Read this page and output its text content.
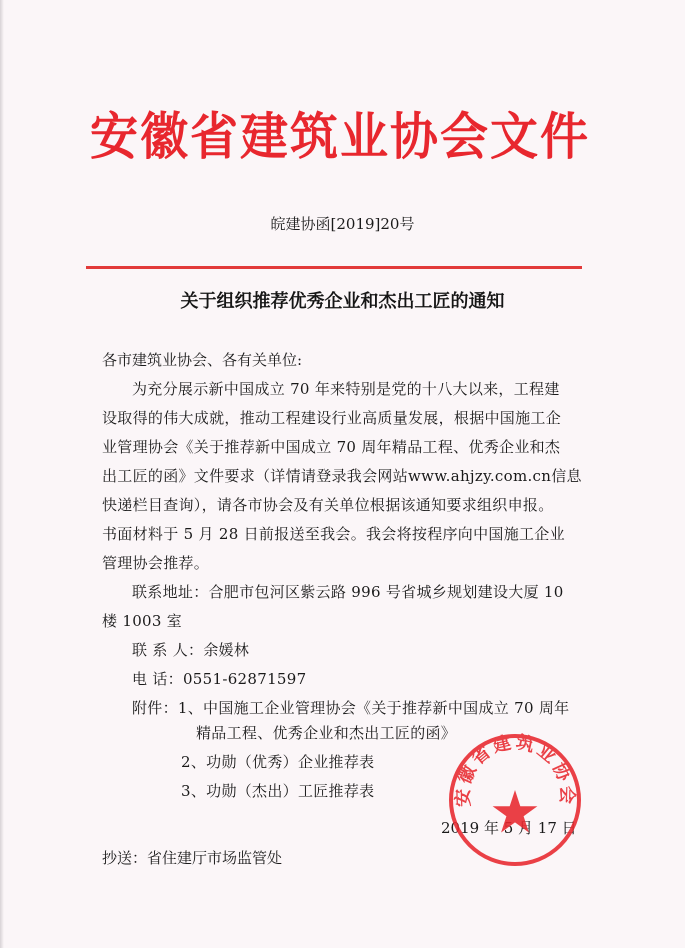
安徽省建筑业协会文件
皖建协函[2019]20号
关于组织推荐优秀企业和杰出工匠的通知
各市建筑业协会、各有关单位:
为充分展示新中国成立 70 年来特别是党的十八大以来，工程建
设取得的伟大成就，推动工程建设行业高质量发展，根据中国施工企
业管理协会《关于推荐新中国成立 70 周年精品工程、优秀企业和杰
出工匠的函》文件要求（详情请登录我会网站www.ahjzy.com.cn信息
快递栏目查询），请各市协会及有关单位根据该通知要求组织申报。
书面材料于 5 月 28 日前报送至我会。我会将按程序向中国施工企业
管理协会推荐。
联系地址：合肥市包河区紫云路 996 号省城乡规划建设大厦 10
楼 1003 室
联 系 人：余媛林
电 话：0551-62871597
附件：1、中国施工企业管理协会《关于推荐新中国成立 70 周年
精品工程、优秀企业和杰出工匠的函》
2、功勋（优秀）企业推荐表
3、功勋（杰出）工匠推荐表
2019 年 5 月 17 日
抄送：省住建厅市场监管处
安徽省建筑业协会
